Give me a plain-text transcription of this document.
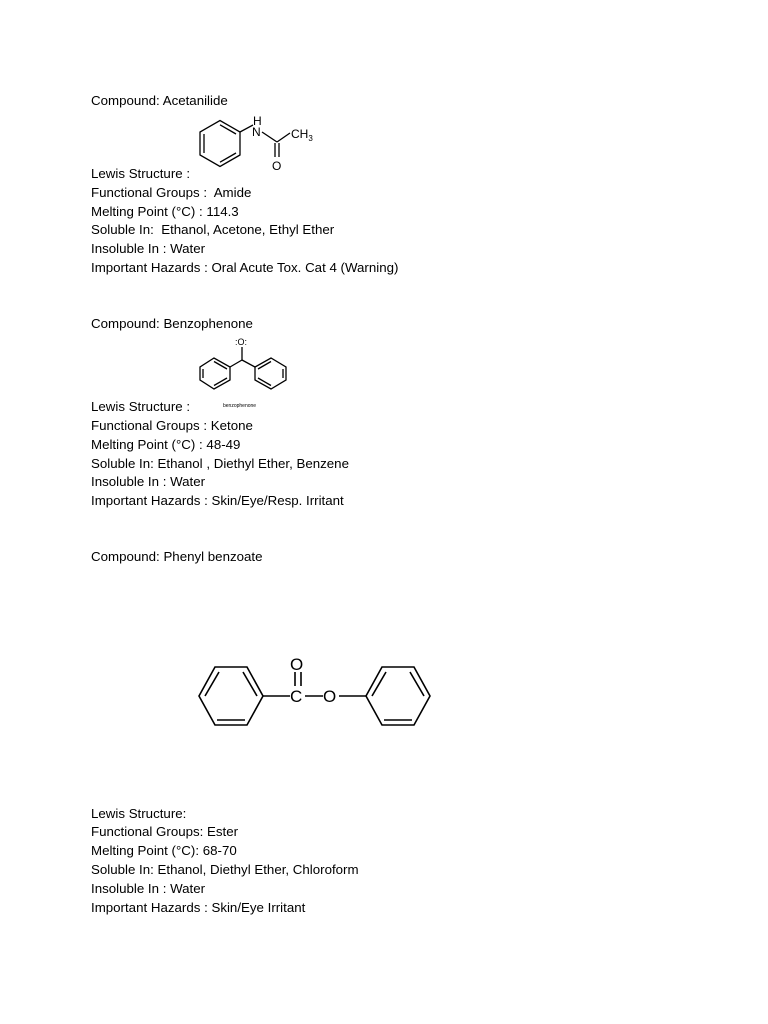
Compound: Acetanilide
H
N	$CH_3$
O
Lewis Structure :
Functional Groups :  Amide
Melting Point (°C) : 114.3
Soluble In:  Ethanol, Acetone, Ethyl Ether
Insoluble In : Water
Important Hazards : Oral Acute Tox. Cat 4 (Warning)
Compound: Benzophenone
:O:
benzophenone
Lewis Structure :
Functional Groups : Ketone
Melting Point (°C) : 48-49
Soluble In: Ethanol , Diethyl Ether, Benzene
Insoluble In : Water
Important Hazards : Skin/Eye/Resp. Irritant
Compound: Phenyl benzoate
C
O
O
Lewis Structure:
Functional Groups: Ester
Melting Point (°C): 68-70
Soluble In: Ethanol, Diethyl Ether, Chloroform
Insoluble In : Water
Important Hazards : Skin/Eye Irritant
